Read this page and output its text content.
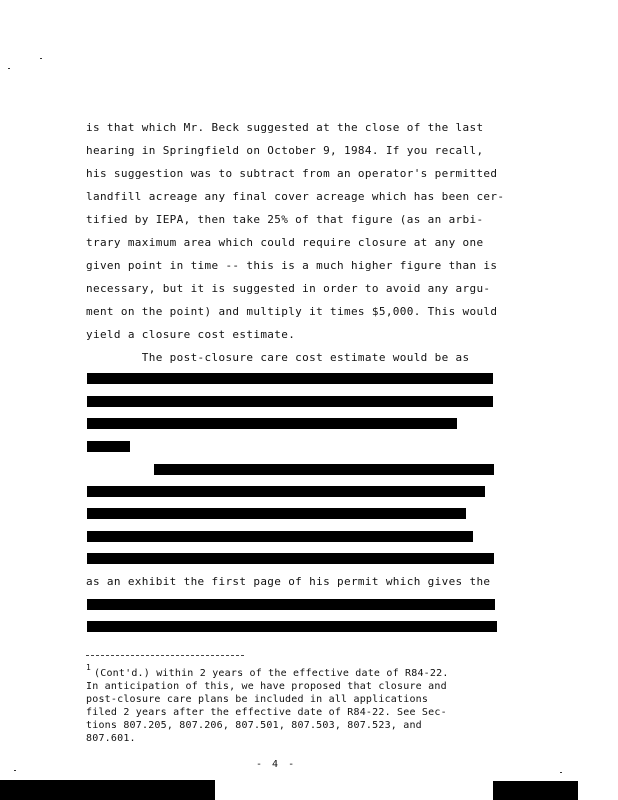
is that which Mr. Beck suggested at the close of the last
hearing in Springfield on October 9, 1984. If you recall,
his suggestion was to subtract from an operator's permitted
landfill acreage any final cover acreage which has been cer-
tified by IEPA, then take 25% of that figure (as an arbi-
trary maximum area which could require closure at any one
given point in time -- this is a much higher figure than is
necessary, but it is suggested in order to avoid any argu-
ment on the point) and multiply it times $5,000. This would
yield a closure cost estimate.
The post-closure care cost estimate would be as
as an exhibit the first page of his permit which gives the
1
(Cont'd.) within 2 years of the effective date of R84-22.
In anticipation of this, we have proposed that closure and
post-closure care plans be included in all applications
filed 2 years after the effective date of R84-22. See Sec-
tions 807.205, 807.206, 807.501, 807.503, 807.523, and
807.601.
- 4 -
